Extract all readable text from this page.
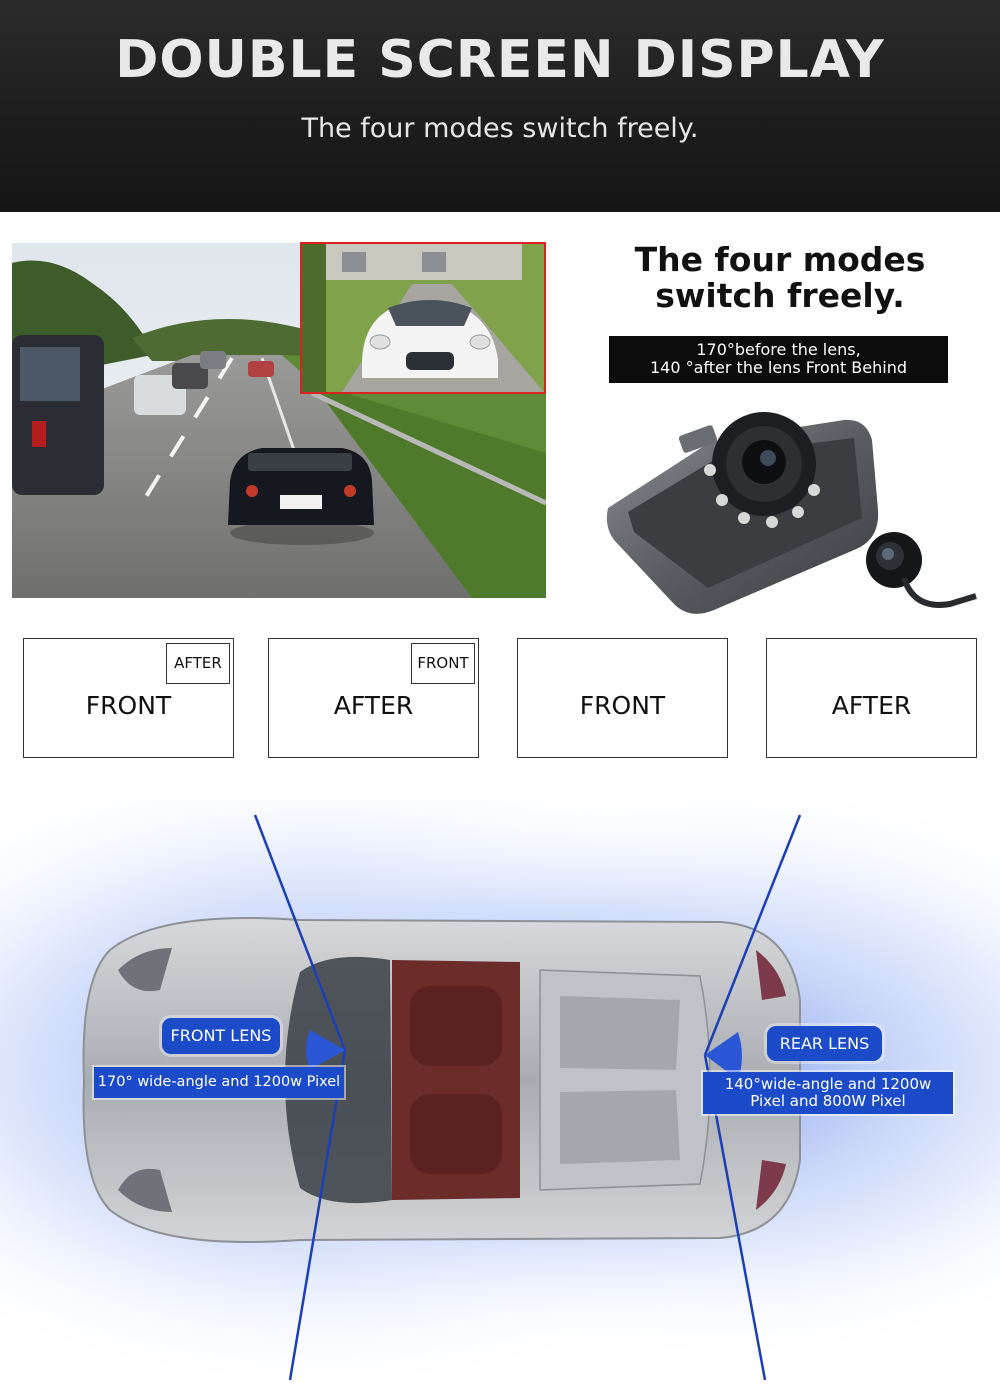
DOUBLE SCREEN DISPLAY
The four modes switch freely.
The four modes
switch freely.
170°before the lens,
140 °after the lens Front Behind
AFTER
FRONT
FRONT
AFTER	FRONT	AFTER
FRONT LENS
170° wide-angle and 1200w Pixel
REAR LENS
140°wide-angle and 1200w
Pixel and 800W Pixel
